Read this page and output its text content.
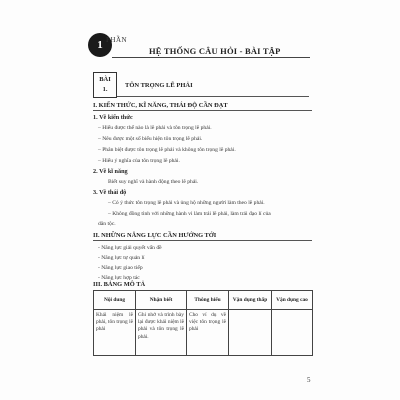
1 PHẦN
HỆ THỐNG CÂU HỎI - BÀI TẬP
BÀI
1.
TÔN TRỌNG LẼ PHẢI
I. KIẾN THỨC, KĨ NĂNG, THÁI ĐỘ CẦN ĐẠT
1. Về kiến thức
– Hiểu được thế nào là lẽ phải và tôn trọng lẽ phải.
– Nêu được một số biểu hiện tôn trọng lẽ phải.
– Phân biệt được tôn trọng lẽ phải và không tôn trọng lẽ phải.
– Hiểu ý nghĩa của tôn trọng lẽ phải.
2. Về kĩ năng
Biết suy nghĩ và hành động theo lẽ phải.
3. Về thái độ
– Có ý thức tôn trọng lẽ phải và ủng hộ những người làm theo lẽ phải.
– Không đồng tình với những hành vi làm trái lẽ phải, làm trái đạo lí của
dân tộc.
II. NHỮNG NĂNG LỰC CẦN HƯỚNG TỚI
- Năng lực giải quyết vấn đề
- Năng lực tự quản lí
- Năng lực giao tiếp
- Năng lực hợp tác
III. BẢNG MÔ TẢ
Nội dung	Nhận biết	Thông hiểu	Vận dụng thấp	Vận dụng cao
Khái niệm lẽ phải, tôn trọng lẽ phải	Ghi nhớ và trình bày lại được khái niệm lẽ phải và tôn trọng lẽ phải.	Cho ví dụ về việc tôn trọng lẽ phải		
5
